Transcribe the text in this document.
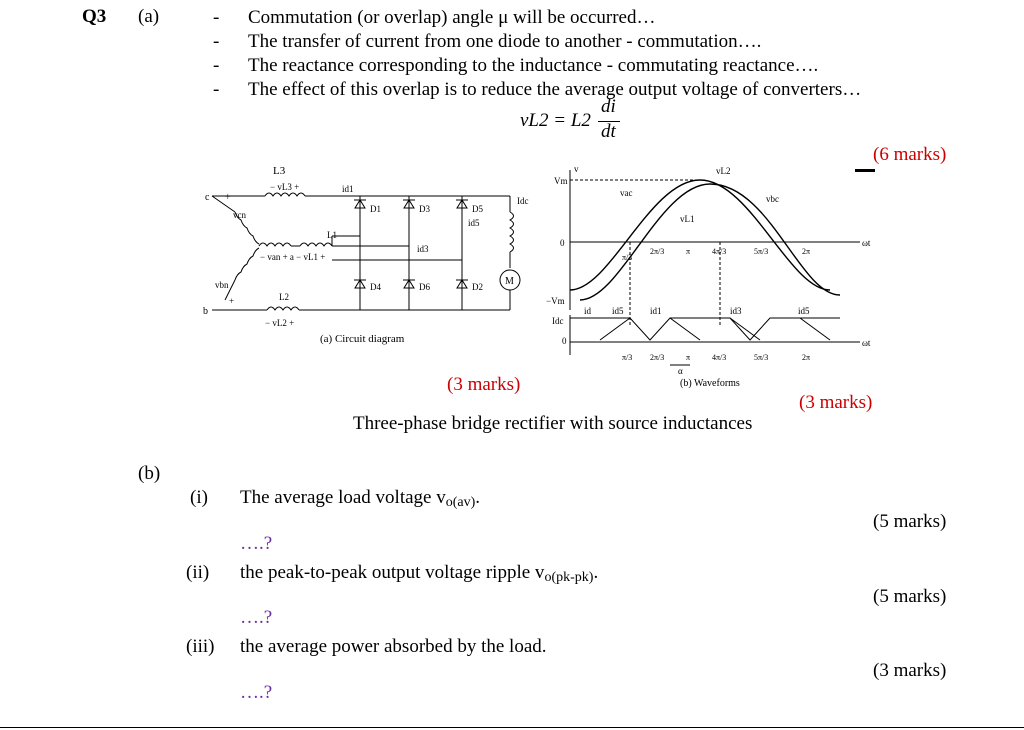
Q3 (a)	- Commutation (or overlap) angle μ will be occurred…
- The transfer of current from one diode to another - commutation….
- The reactance corresponding to the inductance - commutating reactance….
- The effect of this overlap is to reduce the average output voltage of converters…
vL2 = L2
di
dt
(6 marks)
L3
− vL3 +	id1
D1	D3	D5
id5
Idc
c +
vcn
L1
− van + a − vL1 +
id3
vbn	D4	D6	D2 M
L2
b
− vL2 +
+
(a) Circuit diagram
v
Vm
0
−Vm
Idc
0
vL2
vac
vbc
vL1
ωt
ωt
id id5	id1	id3	id5
π/3
2π/3	π	4π/3	5π/3	2π
π/3 2π/3	π	4π/3	5π/3	2π
α
(b) Waveforms
(3 marks)
(3 marks)
Three-phase bridge rectifier with source inductances
(b)
(i) The average load voltage $v_{o(av)}$.
(5 marks)
….?
(ii) the peak-to-peak output voltage ripple $v_{o(pk-pk)}$.
(5 marks)
….?
(iii) the average power absorbed by the load.
(3 marks)
….?
